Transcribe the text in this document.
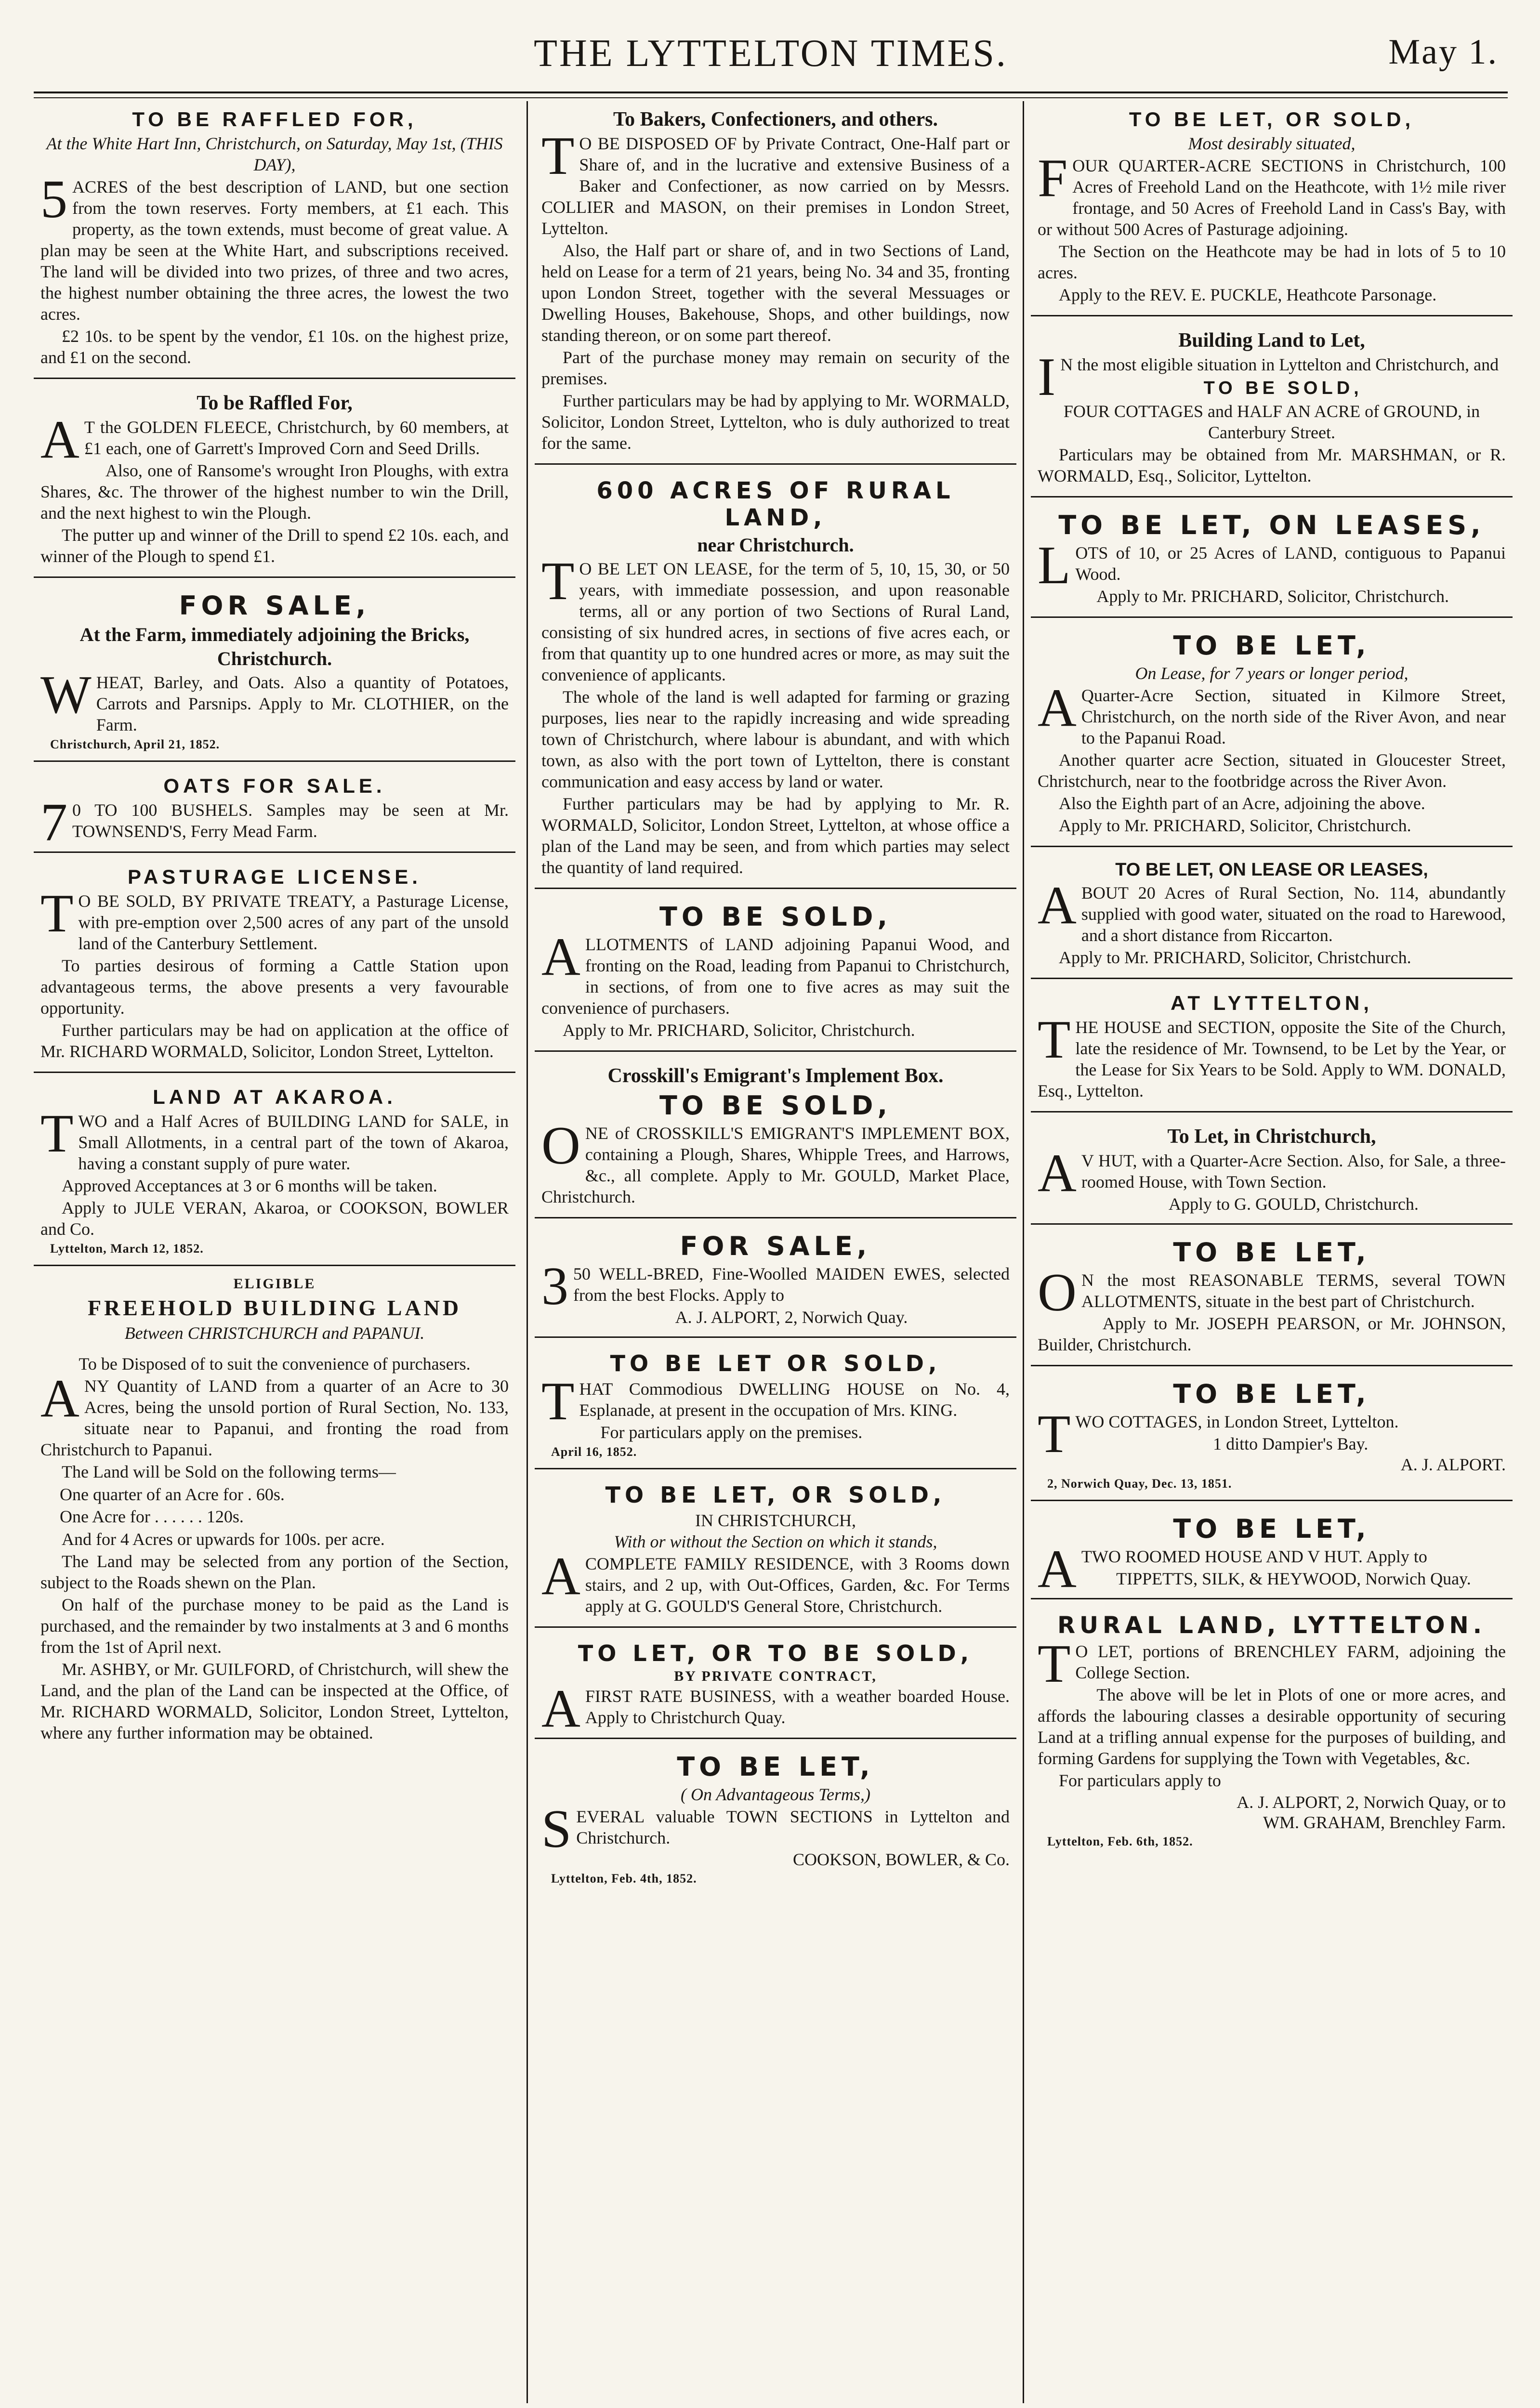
THE LYTTELTON TIMES.	May 1.
TO BE RAFFLED FOR,
At the White Hart Inn, Christchurch, on Saturday, May 1st, (THIS DAY),

5ACRES of the best description of LAND, but one section from the town reserves. Forty members, at £1 each. This property, as the town extends, must become of great value. A plan may be seen at the White Hart, and subscriptions received. The land will be divided into two prizes, of three and two acres, the highest number obtaining the three acres, the lowest the two acres.

£2 10s. to be spent by the vendor, £1 10s. on the highest prize, and £1 on the second.

To be Raffled For,

AT the GOLDEN FLEECE, Christchurch, by 60 members, at £1 each, one of Garrett's Improved Corn and Seed Drills.

Also, one of Ransome's wrought Iron Ploughs, with extra Shares, &c. The thrower of the highest number to win the Drill, and the next highest to win the Plough.

The putter up and winner of the Drill to spend £2 10s. each, and winner of the Plough to spend £1.

FOR SALE,
At the Farm, immediately adjoining the Bricks, Christchurch.

WHEAT, Barley, and Oats. Also a quantity of Potatoes, Carrots and Parsnips. Apply to Mr. CLOTHIER, on the Farm.

Christchurch, April 21, 1852.
OATS FOR SALE.

70 TO 100 BUSHELS. Samples may be seen at Mr. TOWNSEND'S, Ferry Mead Farm.

PASTURAGE LICENSE.

TO BE SOLD, BY PRIVATE TREATY, a Pasturage License, with pre-emption over 2,500 acres of any part of the unsold land of the Canterbury Settlement.

To parties desirous of forming a Cattle Station upon advantageous terms, the above presents a very favourable opportunity.

Further particulars may be had on application at the office of Mr. RICHARD WORMALD, Solicitor, London Street, Lyttelton.

LAND AT AKAROA.

TWO and a Half Acres of BUILDING LAND for SALE, in Small Allotments, in a central part of the town of Akaroa, having a constant supply of pure water.

Approved Acceptances at 3 or 6 months will be taken.

Apply to JULE VERAN, Akaroa, or COOKSON, BOWLER and Co.

Lyttelton, March 12, 1852.
ELIGIBLE
FREEHOLD BUILDING LAND
Between CHRISTCHURCH and PAPANUI.
To be Disposed of to suit the convenience of purchasers.

ANY Quantity of LAND from a quarter of an Acre to 30 Acres, being the unsold portion of Rural Section, No. 133, situate near to Papanui, and fronting the road from Christchurch to Papanui.

The Land will be Sold on the following terms—

One quarter of an Acre for . 60s.
One Acre for . . . . . . 120s.

And for 4 Acres or upwards for 100s. per acre.

The Land may be selected from any portion of the Section, subject to the Roads shewn on the Plan.

On half of the purchase money to be paid as the Land is purchased, and the remainder by two instalments at 3 and 6 months from the 1st of April next.

Mr. ASHBY, or Mr. GUILFORD, of Christchurch, will shew the Land, and the plan of the Land can be inspected at the Office, of Mr. RICHARD WORMALD, Solicitor, London Street, Lyttelton, where any further information may be obtained.

To Bakers, Confectioners, and others.

TO BE DISPOSED OF by Private Contract, One-Half part or Share of, and in the lucrative and extensive Business of a Baker and Confectioner, as now carried on by Messrs. COLLIER and MASON, on their premises in London Street, Lyttelton.

Also, the Half part or share of, and in two Sections of Land, held on Lease for a term of 21 years, being No. 34 and 35, fronting upon London Street, together with the several Messuages or Dwelling Houses, Bakehouse, Shops, and other buildings, now standing thereon, or on some part thereof.

Part of the purchase money may remain on security of the premises.

Further particulars may be had by applying to Mr. WORMALD, Solicitor, London Street, Lyttelton, who is duly authorized to treat for the same.

600 ACRES OF RURAL LAND,
near Christchurch.

TO BE LET ON LEASE, for the term of 5, 10, 15, 30, or 50 years, with immediate possession, and upon reasonable terms, all or any portion of two Sections of Rural Land, consisting of six hundred acres, in sections of five acres each, or from that quantity up to one hundred acres or more, as may suit the convenience of applicants.

The whole of the land is well adapted for farming or grazing purposes, lies near to the rapidly increasing and wide spreading town of Christchurch, where labour is abundant, and with which town, as also with the port town of Lyttelton, there is constant communication and easy access by land or water.

Further particulars may be had by applying to Mr. R. WORMALD, Solicitor, London Street, Lyttelton, at whose office a plan of the Land may be seen, and from which parties may select the quantity of land required.

TO BE SOLD,

ALLOTMENTS of LAND adjoining Papanui Wood, and fronting on the Road, leading from Papanui to Christchurch, in sections, of from one to five acres as may suit the convenience of purchasers.

Apply to Mr. PRICHARD, Solicitor, Christchurch.

Crosskill's Emigrant's Implement Box.
TO BE SOLD,

ONE of CROSSKILL'S EMIGRANT'S IMPLEMENT BOX, containing a Plough, Shares, Whipple Trees, and Harrows, &c., all complete. Apply to Mr. GOULD, Market Place, Christchurch.

FOR SALE,

350 WELL-BRED, Fine-Woolled MAIDEN EWES, selected from the best Flocks. Apply to

A. J. ALPORT, 2, Norwich Quay.
TO BE LET OR SOLD,

THAT Commodious DWELLING HOUSE on No. 4, Esplanade, at present in the occupation of Mrs. KING.

For particulars apply on the premises.

April 16, 1852.
TO BE LET, OR SOLD,
IN CHRISTCHURCH,
With or without the Section on which it stands,

ACOMPLETE FAMILY RESIDENCE, with 3 Rooms down stairs, and 2 up, with Out-Offices, Garden, &c. For Terms apply at G. GOULD'S General Store, Christchurch.

TO LET, OR TO BE SOLD,
BY PRIVATE CONTRACT,

AFIRST RATE BUSINESS, with a weather boarded House. Apply to Christchurch Quay.

TO BE LET,
( On Advantageous Terms,)

SEVERAL valuable TOWN SECTIONS in Lyttelton and Christchurch.

COOKSON, BOWLER, & Co.
Lyttelton, Feb. 4th, 1852.
TO BE LET, OR SOLD,
Most desirably situated,

FOUR QUARTER-ACRE SECTIONS in Christchurch, 100 Acres of Freehold Land on the Heathcote, with 1½ mile river frontage, and 50 Acres of Freehold Land in Cass's Bay, with or without 500 Acres of Pasturage adjoining.

The Section on the Heathcote may be had in lots of 5 to 10 acres.

Apply to the REV. E. PUCKLE, Heathcote Parsonage.

Building Land to Let,

IN the most eligible situation in Lyttelton and Christchurch, and

TO BE SOLD,
FOUR COTTAGES and HALF AN ACRE of GROUND, in Canterbury Street.

Particulars may be obtained from Mr. MARSHMAN, or R. WORMALD, Esq., Solicitor, Lyttelton.

TO BE LET, ON LEASES,

LOTS of 10, or 25 Acres of LAND, contiguous to Papanui Wood.

Apply to Mr. PRICHARD, Solicitor, Christchurch.

TO BE LET,
On Lease, for 7 years or longer period,

AQuarter-Acre Section, situated in Kilmore Street, Christchurch, on the north side of the River Avon, and near to the Papanui Road.

Another quarter acre Section, situated in Gloucester Street, Christchurch, near to the footbridge across the River Avon.

Also the Eighth part of an Acre, adjoining the above.

Apply to Mr. PRICHARD, Solicitor, Christchurch.

TO BE LET, ON LEASE OR LEASES,

ABOUT 20 Acres of Rural Section, No. 114, abundantly supplied with good water, situated on the road to Harewood, and a short distance from Riccarton.

Apply to Mr. PRICHARD, Solicitor, Christchurch.

AT LYTTELTON,

THE HOUSE and SECTION, opposite the Site of the Church, late the residence of Mr. Townsend, to be Let by the Year, or the Lease for Six Years to be Sold. Apply to WM. DONALD, Esq., Lyttelton.

To Let, in Christchurch,

AV HUT, with a Quarter-Acre Section. Also, for Sale, a three-roomed House, with Town Section.

Apply to G. GOULD, Christchurch.
TO BE LET,

ON the most REASONABLE TERMS, several TOWN ALLOTMENTS, situate in the best part of Christchurch.

Apply to Mr. JOSEPH PEARSON, or Mr. JOHNSON, Builder, Christchurch.

TO BE LET,

TWO COTTAGES, in London Street, Lyttelton.

1 ditto Dampier's Bay.
A. J. ALPORT.
2, Norwich Quay, Dec. 13, 1851.
TO BE LET,

ATWO ROOMED HOUSE AND V HUT. Apply to

TIPPETTS, SILK, & HEYWOOD, Norwich Quay.
RURAL LAND, LYTTELTON.

TO LET, portions of BRENCHLEY FARM, adjoining the College Section.

The above will be let in Plots of one or more acres, and affords the labouring classes a desirable opportunity of securing Land at a trifling annual expense for the purposes of building, and forming Gardens for supplying the Town with Vegetables, &c.

For particulars apply to

A. J. ALPORT, 2, Norwich Quay, or to
WM. GRAHAM, Brenchley Farm.
Lyttelton, Feb. 6th, 1852.
